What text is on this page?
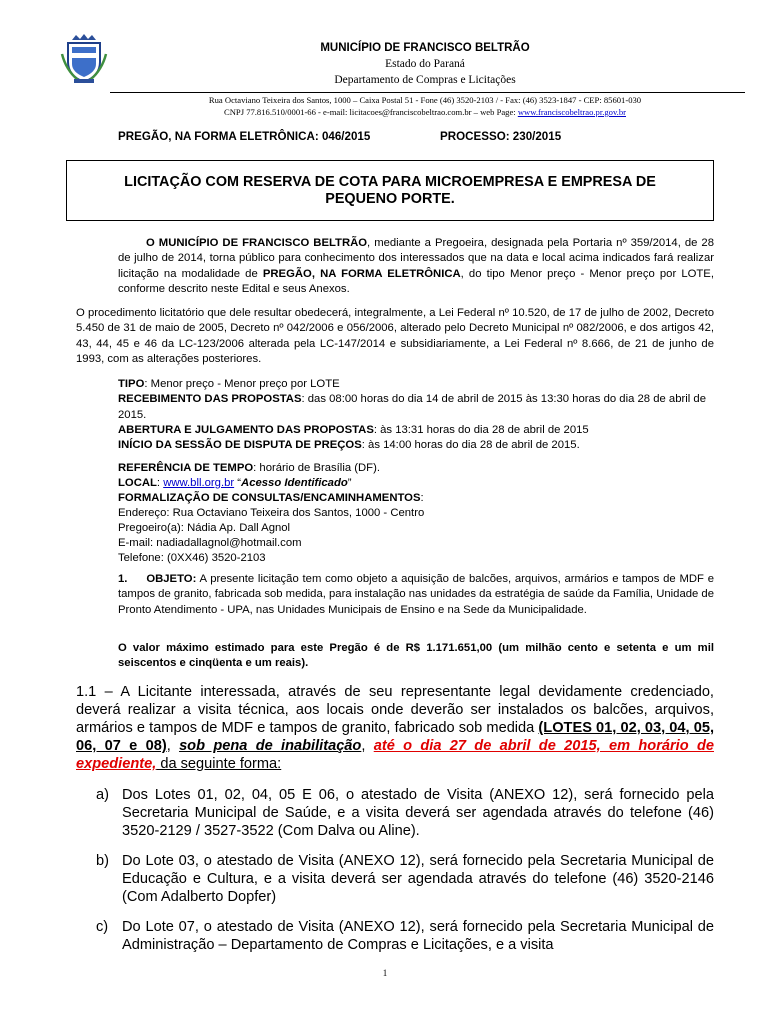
MUNICÍPIO DE FRANCISCO BELTRÃO
Estado do Paraná
Departamento de Compras e Licitações
Rua Octaviano Teixeira dos Santos, 1000 – Caixa Postal 51 - Fone (46) 3520-2103 / - Fax: (46) 3523-1847 - CEP: 85601-030
CNPJ 77.816.510/0001-66 - e-mail: licitacoes@franciscobeltrao.com.br – web Page: www.franciscobeltrao.pr.gov.br
PREGÃO, NA FORMA ELETRÔNICA: 046/2015	PROCESSO: 230/2015
LICITAÇÃO COM RESERVA DE COTA PARA MICROEMPRESA E EMPRESA DE PEQUENO PORTE.
O MUNICÍPIO DE FRANCISCO BELTRÃO, mediante a Pregoeira, designada pela Portaria nº 359/2014, de 28 de julho de 2014, torna público para conhecimento dos interessados que na data e local acima indicados fará realizar licitação na modalidade de PREGÃO, NA FORMA ELETRÔNICA, do tipo Menor preço - Menor preço por LOTE, conforme descrito neste Edital e seus Anexos.
O procedimento licitatório que dele resultar obedecerá, integralmente, a Lei Federal nº 10.520, de 17 de julho de 2002, Decreto 5.450 de 31 de maio de 2005, Decreto nº 042/2006 e 056/2006, alterado pelo Decreto Municipal nº 082/2006, e dos artigos 42, 43, 44, 45 e 46 da LC-123/2006 alterada pela LC-147/2014 e subsidiariamente, a Lei Federal nº 8.666, de 21 de junho de 1993, com as alterações posteriores.
TIPO: Menor preço - Menor preço por LOTE
RECEBIMENTO DAS PROPOSTAS: das 08:00 horas do dia 14 de abril de 2015 às 13:30 horas do dia 28 de abril de 2015.
ABERTURA E JULGAMENTO DAS PROPOSTAS: às 13:31 horas do dia 28 de abril de 2015
INÍCIO DA SESSÃO DE DISPUTA DE PREÇOS: às 14:00 horas do dia 28 de abril de 2015.
REFERÊNCIA DE TEMPO: horário de Brasília (DF).
LOCAL: www.bll.org.br “Acesso Identificado”
FORMALIZAÇÃO DE CONSULTAS/ENCAMINHAMENTOS:
Endereço: Rua Octaviano Teixeira dos Santos, 1000 - Centro
Pregoeiro(a): Nádia Ap. Dall Agnol
E-mail: nadiadallagnol@hotmail.com
Telefone: (0XX46) 3520-2103
1.     OBJETO: A presente licitação tem como objeto a aquisição de balcões, arquivos, armários e tampos de MDF e tampos de granito, fabricada sob medida, para instalação nas unidades da estratégia de saúde da Família, Unidade de Pronto Atendimento - UPA, nas Unidades Municipais de Ensino e na Sede da Municipalidade.
O valor máximo estimado para este Pregão é de R$ 1.171.651,00 (um milhão cento e setenta e um mil seiscentos e cinqüenta e um reais).
1.1 – A Licitante interessada, através de seu representante legal devidamente credenciado, deverá realizar a visita técnica, aos locais onde deverão ser instalados os balcões, arquivos, armários e tampos de MDF e tampos de granito, fabricado sob medida (LOTES 01, 02, 03, 04, 05, 06, 07 e 08), sob pena de inabilitação, até o dia 27 de abril de 2015, em horário de expediente, da seguinte forma:
a) Dos Lotes 01, 02, 04, 05 E 06, o atestado de Visita (ANEXO 12), será fornecido pela Secretaria Municipal de Saúde, e a visita deverá ser agendada através do telefone (46) 3520-2129 / 3527-3522 (Com Dalva ou Aline).
b) Do Lote 03, o atestado de Visita (ANEXO 12), será fornecido pela Secretaria Municipal de Educação e Cultura, e a visita deverá ser agendada através do telefone (46) 3520-2146 (Com Adalberto Dopfer)
c) Do Lote 07, o atestado de Visita (ANEXO 12), será fornecido pela Secretaria Municipal de Administração – Departamento de Compras e Licitações, e a visita
1
